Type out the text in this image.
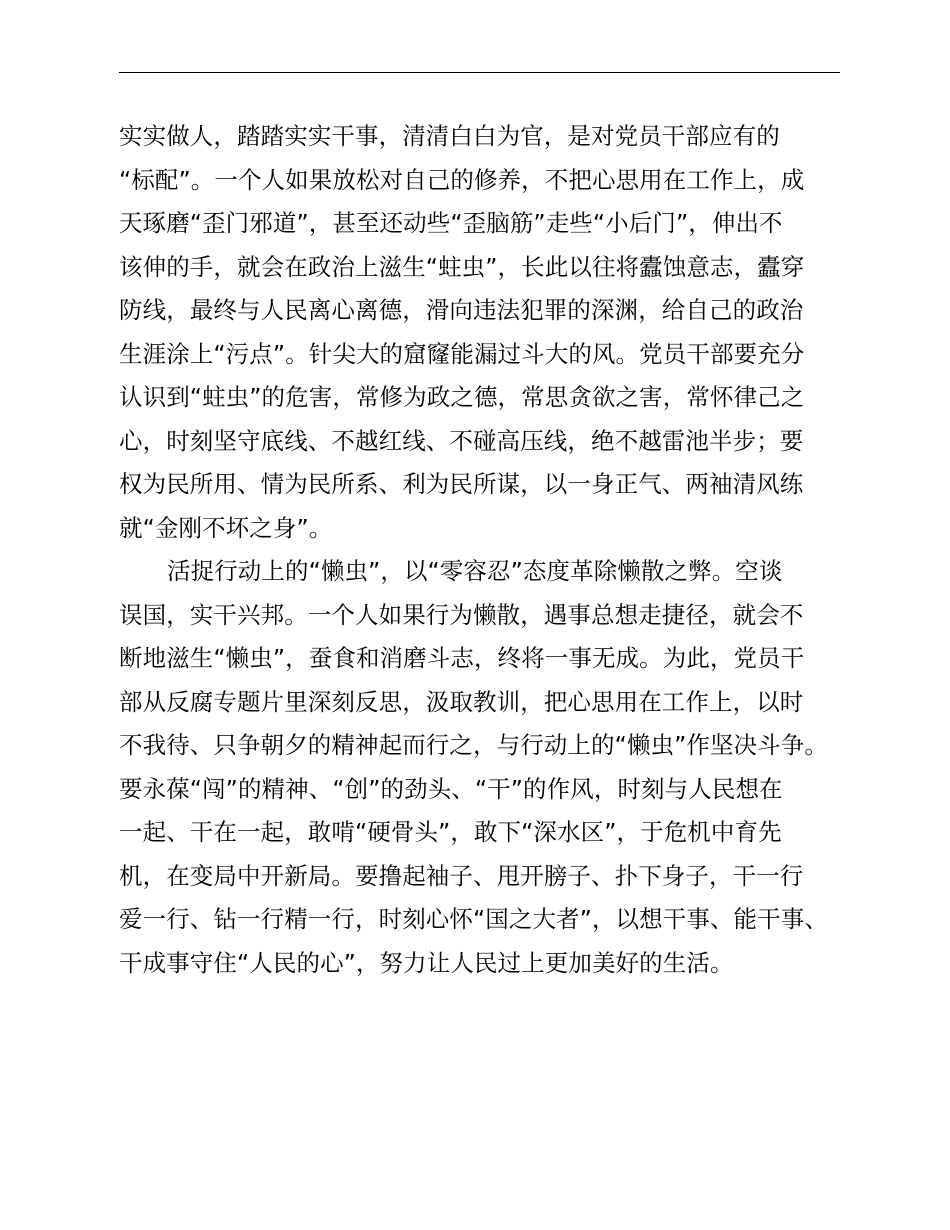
实实做人，踏踏实实干事，清清白白为官，是对党员干部应有的
“标配”。一个人如果放松对自己的修养，不把心思用在工作上，成
天琢磨“歪门邪道”，甚至还动些“歪脑筋”走些“小后门”，伸出不
该伸的手，就会在政治上滋生“蛀虫”，长此以往将蠹蚀意志，蠹穿
防线，最终与人民离心离德，滑向违法犯罪的深渊，给自己的政治
生涯涂上“污点”。针尖大的窟窿能漏过斗大的风。党员干部要充分
认识到“蛀虫”的危害，常修为政之德，常思贪欲之害，常怀律己之
心，时刻坚守底线、不越红线、不碰高压线，绝不越雷池半步；要
权为民所用、情为民所系、利为民所谋，以一身正气、两袖清风练
就“金刚不坏之身”。
活捉行动上的“懒虫”，以“零容忍”态度革除懒散之弊。空谈
误国，实干兴邦。一个人如果行为懒散，遇事总想走捷径，就会不
断地滋生“懒虫”，蚕食和消磨斗志，终将一事无成。为此，党员干
部从反腐专题片里深刻反思，汲取教训，把心思用在工作上，以时
不我待、只争朝夕的精神起而行之，与行动上的“懒虫”作坚决斗争。
要永葆“闯”的精神、“创”的劲头、“干”的作风，时刻与人民想在
一起、干在一起，敢啃“硬骨头”，敢下“深水区”，于危机中育先
机，在变局中开新局。要撸起袖子、甩开膀子、扑下身子，干一行
爱一行、钻一行精一行，时刻心怀“国之大者”，以想干事、能干事、
干成事守住“人民的心”，努力让人民过上更加美好的生活。
